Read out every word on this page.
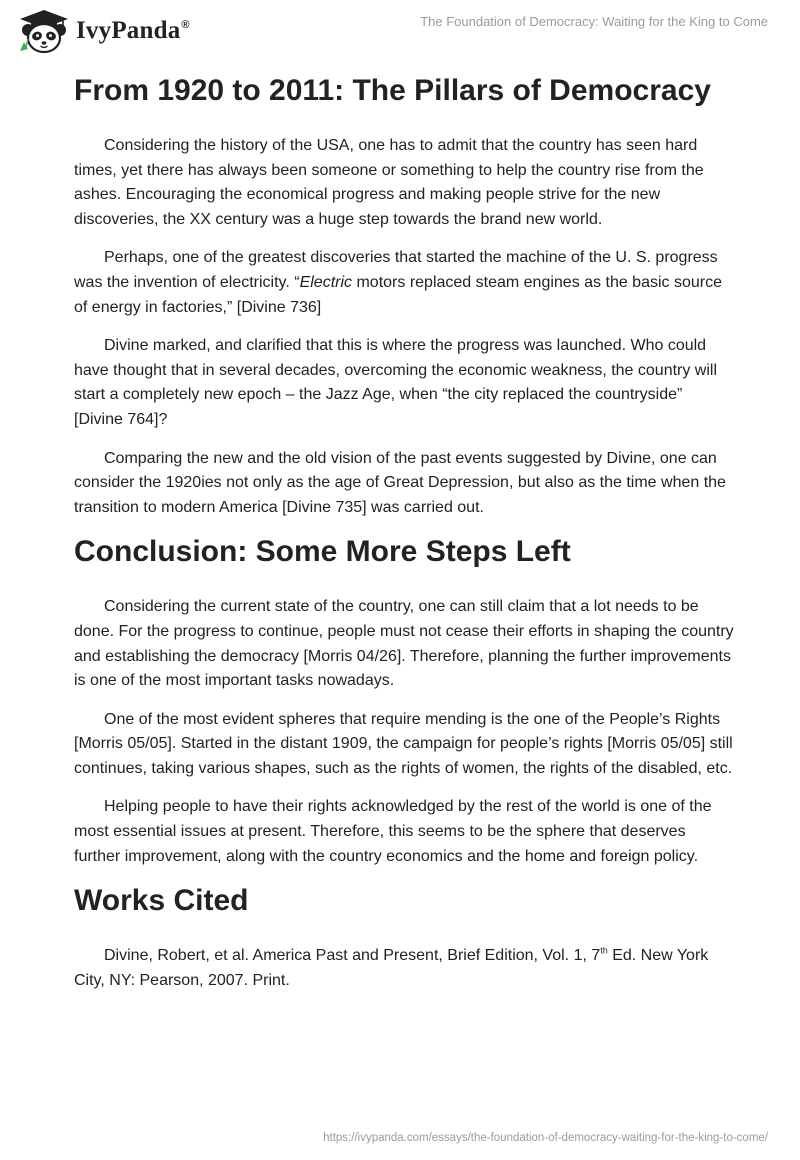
IvyPanda®	The Foundation of Democracy: Waiting for the King to Come
From 1920 to 2011: The Pillars of Democracy

Considering the history of the USA, one has to admit that the country has seen hard times, yet there has always been someone or something to help the country rise from the ashes. Encouraging the economical progress and making people strive for the new discoveries, the XX century was a huge step towards the brand new world.

Perhaps, one of the greatest discoveries that started the machine of the U. S. progress was the invention of electricity. “Electric motors replaced steam engines as the basic source of energy in factories,” [Divine 736]

Divine marked, and clarified that this is where the progress was launched. Who could have thought that in several decades, overcoming the economic weakness, the country will start a completely new epoch – the Jazz Age, when “the city replaced the countryside” [Divine 764]?

Comparing the new and the old vision of the past events suggested by Divine, one can consider the 1920ies not only as the age of Great Depression, but also as the time when the transition to modern America [Divine 735] was carried out.

Conclusion: Some More Steps Left

Considering the current state of the country, one can still claim that a lot needs to be done. For the progress to continue, people must not cease their efforts in shaping the country and establishing the democracy [Morris 04/26]. Therefore, planning the further improvements is one of the most important tasks nowadays.

One of the most evident spheres that require mending is the one of the People’s Rights [Morris 05/05]. Started in the distant 1909, the campaign for people’s rights [Morris 05/05] still continues, taking various shapes, such as the rights of women, the rights of the disabled, etc.

Helping people to have their rights acknowledged by the rest of the world is one of the most essential issues at present. Therefore, this seems to be the sphere that deserves further improvement, along with the country economics and the home and foreign policy.

Works Cited

Divine, Robert, et al. America Past and Present, Brief Edition, Vol. 1, 7th Ed. New York City, NY: Pearson, 2007. Print.

https://ivypanda.com/essays/the-foundation-of-democracy-waiting-for-the-king-to-come/
